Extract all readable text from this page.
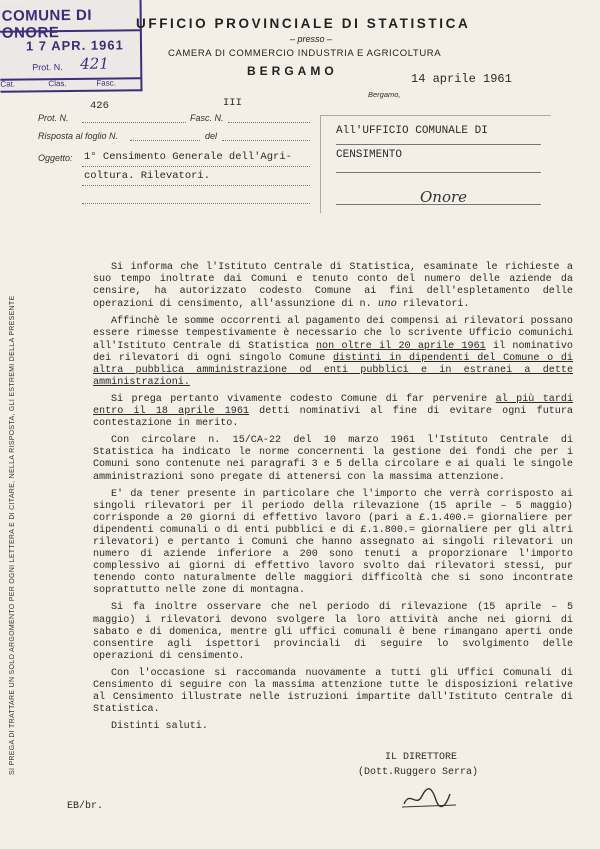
COMUNE DI ONORE
1 7 APR. 1961
Prot. N. 421
Cat.	Clas.	Fasc.
UFFICIO PROVINCIALE DI STATISTICA
– presso –
CAMERA DI COMMERCIO INDUSTRIA E AGRICOLTURA
BERGAMO
14 aprile 1961
Bergamo,
426	III
Prot. N.	Fasc. N.
Risposta al foglio N.	del
Oggetto: 1° Censimento Generale dell'Agri-
coltura. Rilevatori.
All'UFFICIO COMUNALE DI
CENSIMENTO
Onore

Si informa che l'Istituto Centrale di Statistica, esaminate le richieste a suo tempo inoltrate dai Comuni e tenuto conto del numero delle aziende da censire, ha autorizzato codesto Comune ai fini dell'espletamento delle operazioni di censimento, all'assunzione di n. uno rilevatori.

Affinchè le somme occorrenti al pagamento dei compensi ai rilevatori possano essere rimesse tempestivamente è necessario che lo scrivente Ufficio comunichi all'Istituto Centrale di Statistica non oltre il 20 aprile 1961 il nominativo dei rilevatori di ogni singolo Comune distinti in dipendenti del Comune o di altra pubblica amministrazione od enti pubblici e in estranei a dette amministrazioni.

Si prega pertanto vivamente codesto Comune di far pervenire al più tardi entro il 18 aprile 1961 detti nominativi al fine di evitare ogni futura contestazione in merito.

Con circolare n. 15/CA-22 del 10 marzo 1961 l'Istituto Centrale di Statistica ha indicato le norme concernenti la gestione dei fondi che per i Comuni sono contenute nei paragrafi 3 e 5 della circolare e ai quali le singole amministrazioni sono pregate di attenersi con la massima attenzione.

E' da tener presente in particolare che l'importo che verrà corrisposto ai singoli rilevatori per il periodo della rilevazione (15 aprile – 5 maggio) corrisponde a 20 giorni di effettivo lavoro (pari a £.1.400.= giornaliere per dipendenti comunali o di enti pubblici e di £.1.800.= giornaliere per gli altri rilevatori) e pertanto i Comuni che hanno assegnato ai singoli rilevatori un numero di aziende inferiore a 200 sono tenuti a proporzionare l'importo complessivo ai giorni di effettivo lavoro svolto dai rilevatori stessi, pur tenendo conto naturalmente delle maggiori difficoltà che si sono incontrate soprattutto nelle zone di montagna.

Si fa inoltre osservare che nel periodo di rilevazione (15 aprile – 5 maggio) i rilevatori devono svolgere la loro attività anche nei giorni di sabato e di domenica, mentre gli uffici comunali è bene rimangano aperti onde consentire agli ispettori provinciali di seguire lo svolgimento delle operazioni di censimento.

Con l'occasione si raccomanda nuovamente a tutti gli Uffici Comunali di Censimento di seguire con la massima attenzione tutte le disposizioni relative al Censimento illustrate nelle istruzioni impartite dall'Istituto Centrale di Statistica.

Distinti saluti.

IL DIRETTORE
(Dott.Ruggero Serra)
EB/br.
SI PREGA DI TRATTARE UN SOLO ARGOMENTO PER OGNI LETTERA E DI CITARE, NELLA RISPOSTA, GLI ESTREMI DELLA PRESENTE
